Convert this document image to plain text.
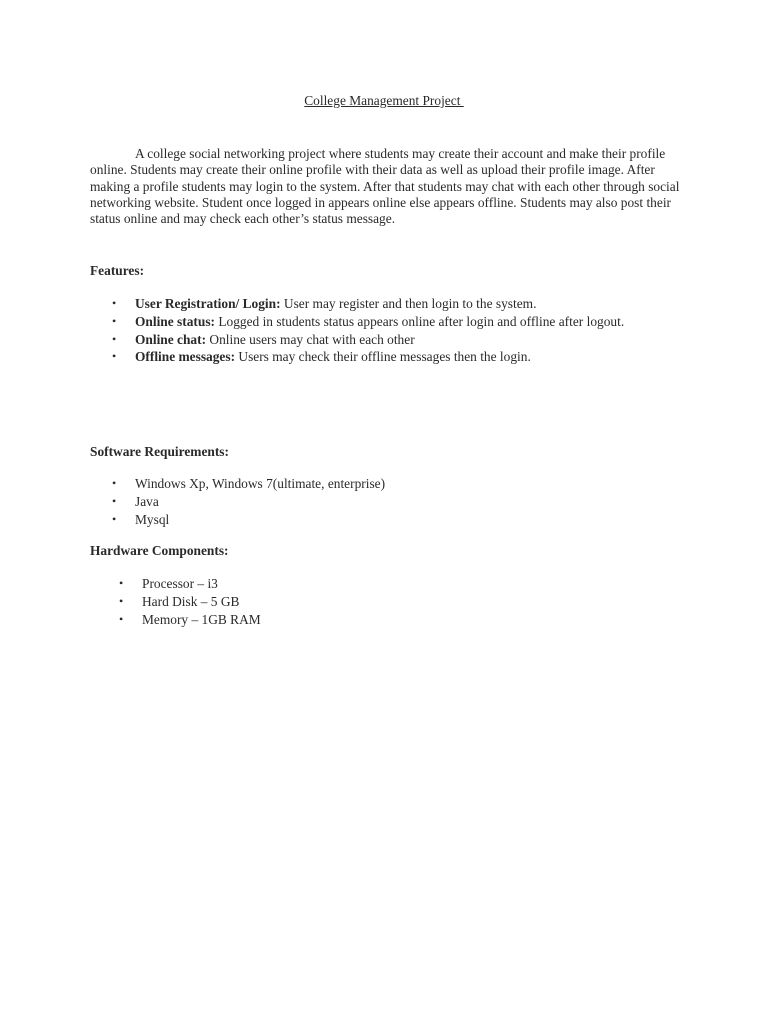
College Management Project

A college social networking project where students may create their account and make their profile online. Students may create their online profile with their data as well as upload their profile image. After making a profile students may login to the system. After that students may chat with each other through social networking website. Student once logged in appears online else appears offline. Students may also post their status online and may check each other’s status message.

Features:

• User Registration/ Login: User may register and then login to the system.
• Online status: Logged in students status appears online after login and offline after logout.
• Online chat: Online users may chat with each other
• Offline messages: Users may check their offline messages then the login.

Software Requirements:

• Windows Xp, Windows 7(ultimate, enterprise)
• Java
• Mysql

Hardware Components:

• Processor – i3
• Hard Disk – 5 GB
• Memory – 1GB RAM
